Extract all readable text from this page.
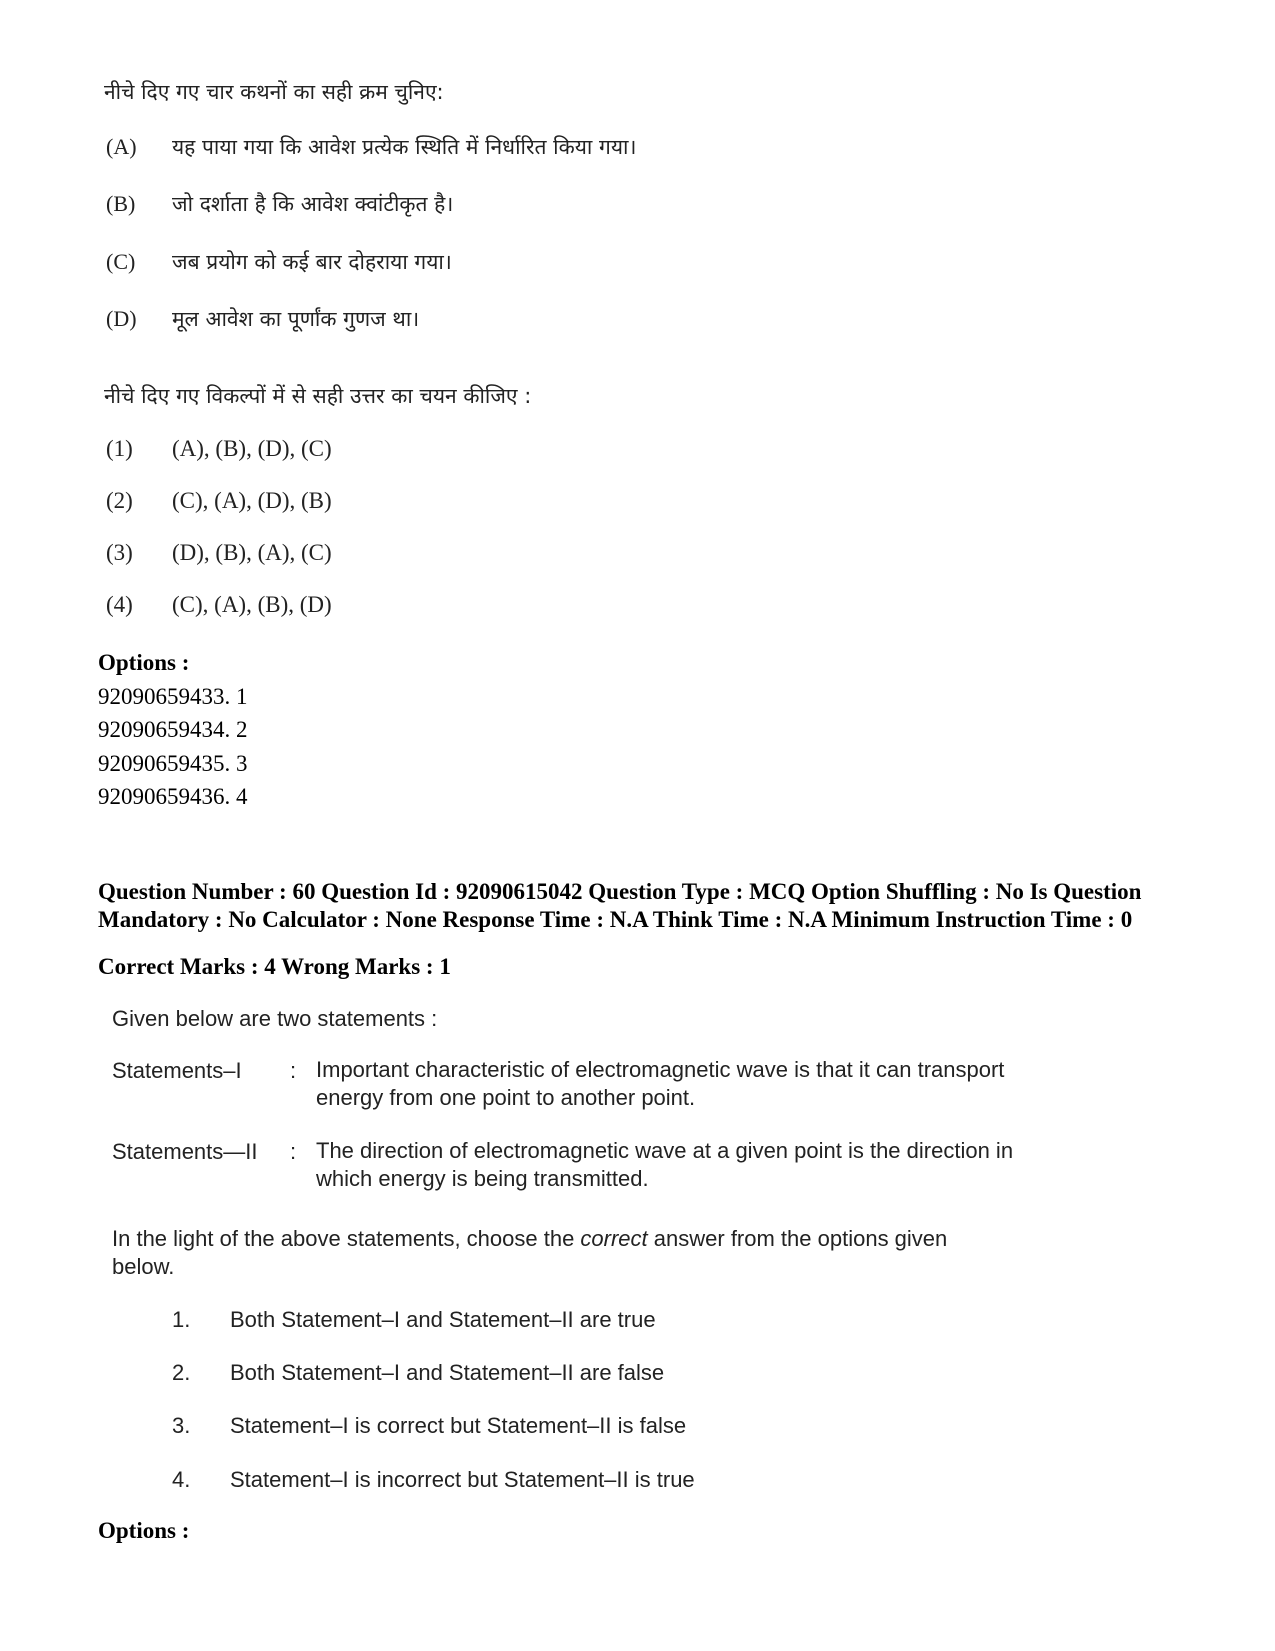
नीचे दिए गए चार कथनों का सही क्रम चुनिए:
(A) यह पाया गया कि आवेश प्रत्येक स्थिति में निर्धारित किया गया।
(B) जो दर्शाता है कि आवेश क्वांटीकृत है।
(C) जब प्रयोग को कई बार दोहराया गया।
(D) मूल आवेश का पूर्णांक गुणज था।
नीचे दिए गए विकल्पों में से सही उत्तर का चयन कीजिए :
(1) (A), (B), (D), (C)
(2) (C), (A), (D), (B)
(3) (D), (B), (A), (C)
(4) (C), (A), (B), (D)
Options :
92090659433. 1
92090659434. 2
92090659435. 3
92090659436. 4
Question Number : 60 Question Id : 92090615042 Question Type : MCQ Option Shuffling : No Is Question Mandatory : No Calculator : None Response Time : N.A Think Time : N.A Minimum Instruction Time : 0
Correct Marks : 4 Wrong Marks : 1
Given below are two statements :
Statements–I : Important characteristic of electromagnetic wave is that it can transport energy from one point to another point.
Statements—II : The direction of electromagnetic wave at a given point is the direction in which energy is being transmitted.
In the light of the above statements, choose the correct answer from the options given below.
1. Both Statement–I and Statement–II are true
2. Both Statement–I and Statement–II are false
3. Statement–I is correct but Statement–II is false
4. Statement–I is incorrect but Statement–II is true
Options :
